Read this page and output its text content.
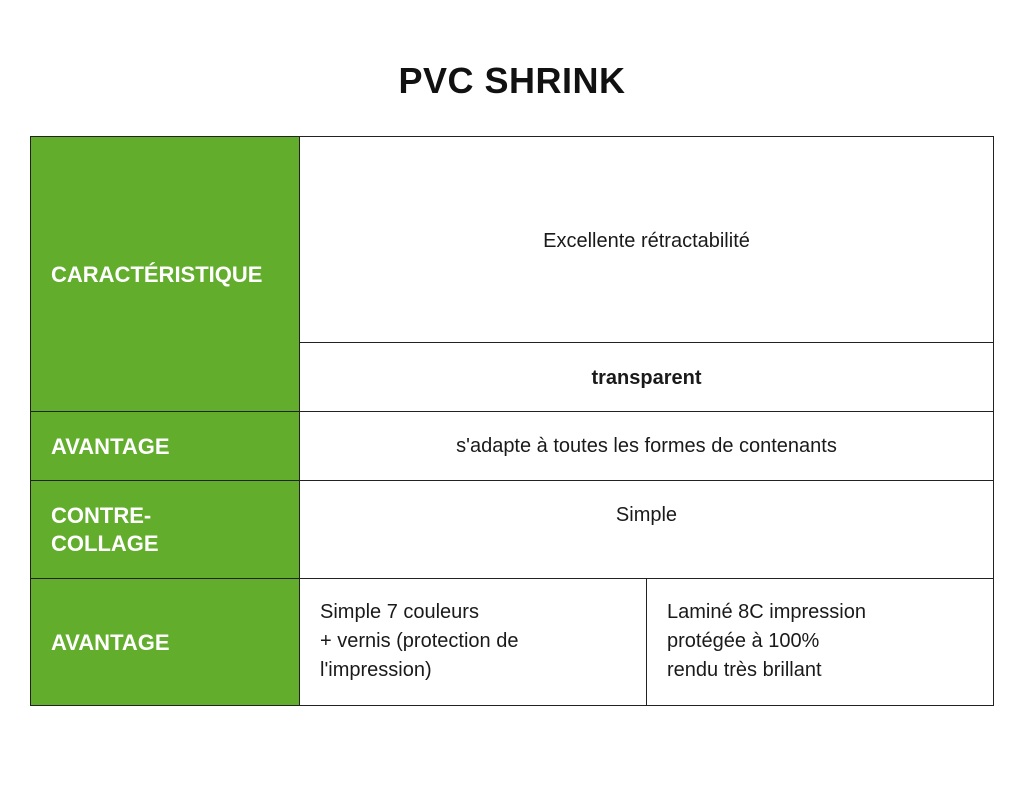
PVC SHRINK
CARACTÉRISTIQUE
Excellente rétractabilité
transparent
AVANTAGE	s'adapte à toutes les formes de contenants
CONTRE-
COLLAGE
Simple
AVANTAGE
Simple 7 couleurs
+ vernis (protection de
l'impression)
Laminé 8C impression
protégée à 100%
rendu très brillant
